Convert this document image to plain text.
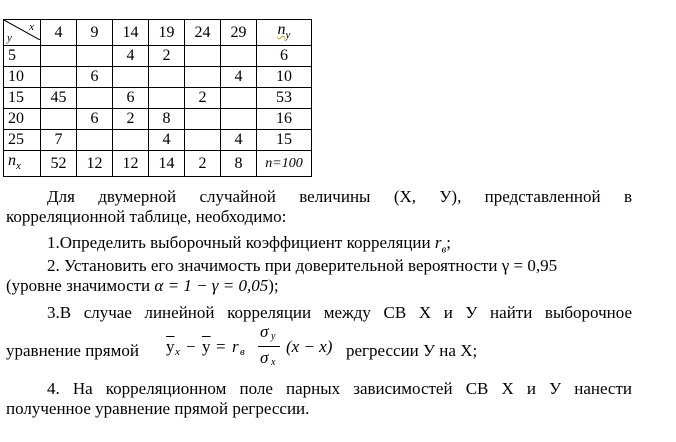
x
y	4	9	14	19	24	29	$n_y$
5			4	2			6
10		6				4	10
15	45		6		2		53
20		6	2	8			16
25	7			4		4	15
$n_x$	52	12	12	14	2	8	n=100
Для двумерной случайной величины (X, У), представленной в
корреляционной таблице, необходимо:
1.Определить выборочный коэффициент корреляции $r_в$;
2. Установить его значимость при доверительной вероятности γ = 0,95
(уровне значимости α = 1 − γ = 0,05);
3.В случае линейной корреляции между СВ X и У найти выборочное
уравнение прямой $\overline{y}$ $x - \overline{y} = r$ в
σ y
σ x
(x − x) регрессии У на X;
4. На корреляционном поле парных зависимостей СВ X и У нанести
полученное уравнение прямой регрессии.
